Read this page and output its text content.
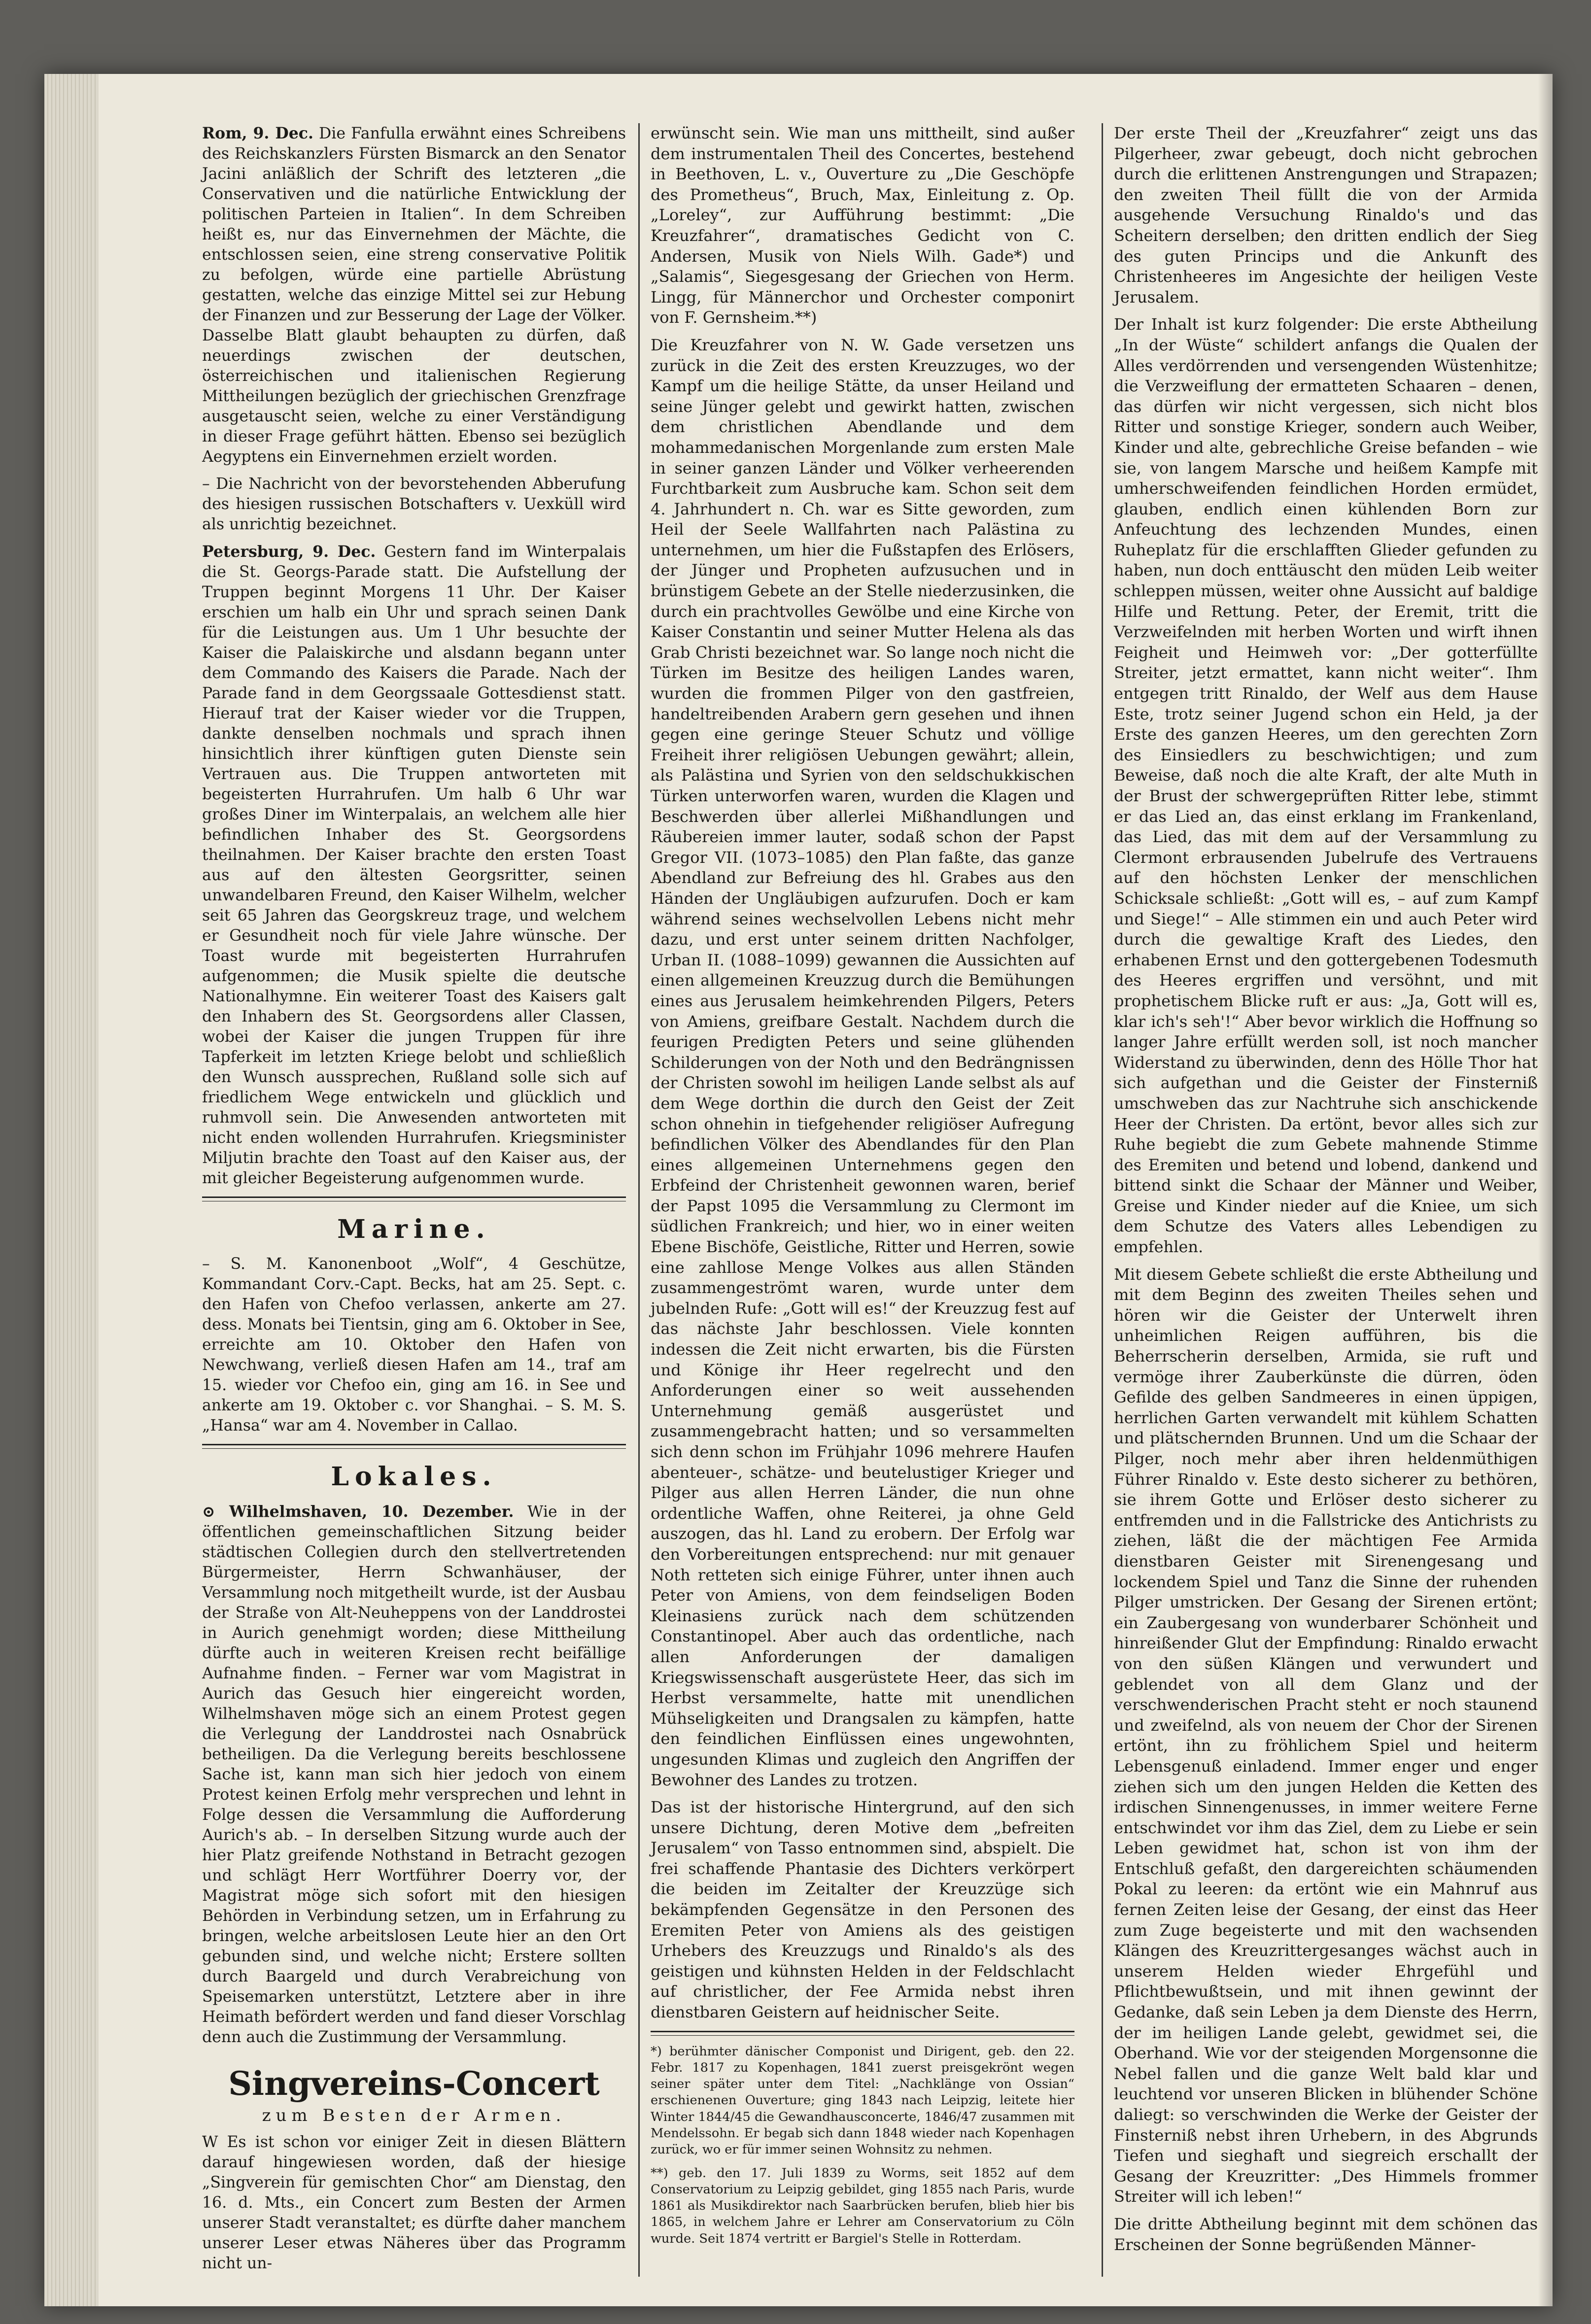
Rom, 9. Dec. Die Fanfulla erwähnt eines Schreibens des Reichskanzlers Fürsten Bismarck an den Senator Jacini anläßlich der Schrift des letzteren „die Conservativen und die natürliche Entwicklung der politischen Parteien in Italien“. In dem Schreiben heißt es, nur das Einvernehmen der Mächte, die entschlossen seien, eine streng conservative Politik zu befolgen, würde eine partielle Abrüstung gestatten, welche das einzige Mittel sei zur Hebung der Finanzen und zur Besserung der Lage der Völker. Dasselbe Blatt glaubt behaupten zu dürfen, daß neuerdings zwischen der deutschen, österreichischen und italienischen Regierung Mittheilungen bezüglich der griechischen Grenzfrage ausgetauscht seien, welche zu einer Verständigung in dieser Frage geführt hätten. Ebenso sei bezüglich Aegyptens ein Einvernehmen erzielt worden.

– Die Nachricht von der bevorstehenden Abberufung des hiesigen russischen Botschafters v. Uexküll wird als unrichtig bezeichnet.

Petersburg, 9. Dec. Gestern fand im Winterpalais die St. Georgs-Parade statt. Die Aufstellung der Truppen beginnt Morgens 11 Uhr. Der Kaiser erschien um halb ein Uhr und sprach seinen Dank für die Leistungen aus. Um 1 Uhr besuchte der Kaiser die Palaiskirche und alsdann begann unter dem Commando des Kaisers die Parade. Nach der Parade fand in dem Georgssaale Gottesdienst statt. Hierauf trat der Kaiser wieder vor die Truppen, dankte denselben nochmals und sprach ihnen hinsichtlich ihrer künftigen guten Dienste sein Vertrauen aus. Die Truppen antworteten mit begeisterten Hurrahrufen. Um halb 6 Uhr war großes Diner im Winterpalais, an welchem alle hier befindlichen Inhaber des St. Georgsordens theilnahmen. Der Kaiser brachte den ersten Toast aus auf den ältesten Georgsritter, seinen unwandelbaren Freund, den Kaiser Wilhelm, welcher seit 65 Jahren das Georgskreuz trage, und welchem er Gesundheit noch für viele Jahre wünsche. Der Toast wurde mit begeisterten Hurrahrufen aufgenommen; die Musik spielte die deutsche Nationalhymne. Ein weiterer Toast des Kaisers galt den Inhabern des St. Georgsordens aller Classen, wobei der Kaiser die jungen Truppen für ihre Tapferkeit im letzten Kriege belobt und schließlich den Wunsch aussprechen, Rußland solle sich auf friedlichem Wege entwickeln und glücklich und ruhmvoll sein. Die Anwesenden antworteten mit nicht enden wollenden Hurrahrufen. Kriegsminister Miljutin brachte den Toast auf den Kaiser aus, der mit gleicher Begeisterung aufgenommen wurde.

Marine.

– S. M. Kanonenboot „Wolf“, 4 Geschütze, Kommandant Corv.-Capt. Becks, hat am 25. Sept. c. den Hafen von Chefoo verlassen, ankerte am 27. dess. Monats bei Tientsin, ging am 6. Oktober in See, erreichte am 10. Oktober den Hafen von Newchwang, verließ diesen Hafen am 14., traf am 15. wieder vor Chefoo ein, ging am 16. in See und ankerte am 19. Oktober c. vor Shanghai. – S. M. S. „Hansa“ war am 4. November in Callao.

Lokales.

⊙ Wilhelmshaven, 10. Dezember. Wie in der öffentlichen gemeinschaftlichen Sitzung beider städtischen Collegien durch den stellvertretenden Bürgermeister, Herrn Schwanhäuser, der Versammlung noch mitgetheilt wurde, ist der Ausbau der Straße von Alt-Neuheppens von der Landdrostei in Aurich genehmigt worden; diese Mittheilung dürfte auch in weiteren Kreisen recht beifällige Aufnahme finden. – Ferner war vom Magistrat in Aurich das Gesuch hier eingereicht worden, Wilhelmshaven möge sich an einem Protest gegen die Verlegung der Landdrostei nach Osnabrück betheiligen. Da die Verlegung bereits beschlossene Sache ist, kann man sich hier jedoch von einem Protest keinen Erfolg mehr versprechen und lehnt in Folge dessen die Versammlung die Aufforderung Aurich's ab. – In derselben Sitzung wurde auch der hier Platz greifende Nothstand in Betracht gezogen und schlägt Herr Wortführer Doerry vor, der Magistrat möge sich sofort mit den hiesigen Behörden in Verbindung setzen, um in Erfahrung zu bringen, welche arbeitslosen Leute hier an den Ort gebunden sind, und welche nicht; Erstere sollten durch Baargeld und durch Verabreichung von Speisemarken unterstützt, Letztere aber in ihre Heimath befördert werden und fand dieser Vorschlag denn auch die Zustimmung der Versammlung.

Singvereins-Concert
zum Besten der Armen.

W Es ist schon vor einiger Zeit in diesen Blättern darauf hingewiesen worden, daß der hiesige „Singverein für gemischten Chor“ am Dienstag, den 16. d. Mts., ein Concert zum Besten der Armen unserer Stadt veranstaltet; es dürfte daher manchem unserer Leser etwas Näheres über das Programm nicht un-

erwünscht sein. Wie man uns mittheilt, sind außer dem instrumentalen Theil des Concertes, bestehend in Beethoven, L. v., Ouverture zu „Die Geschöpfe des Prometheus“, Bruch, Max, Einleitung z. Op. „Loreley“, zur Aufführung bestimmt: „Die Kreuzfahrer“, dramatisches Gedicht von C. Andersen, Musik von Niels Wilh. Gade*) und „Salamis“, Siegesgesang der Griechen von Herm. Lingg, für Männerchor und Orchester componirt von F. Gernsheim.**)

Die Kreuzfahrer von N. W. Gade versetzen uns zurück in die Zeit des ersten Kreuzzuges, wo der Kampf um die heilige Stätte, da unser Heiland und seine Jünger gelebt und gewirkt hatten, zwischen dem christlichen Abendlande und dem mohammedanischen Morgenlande zum ersten Male in seiner ganzen Länder und Völker verheerenden Furchtbarkeit zum Ausbruche kam. Schon seit dem 4. Jahrhundert n. Ch. war es Sitte geworden, zum Heil der Seele Wallfahrten nach Palästina zu unternehmen, um hier die Fußstapfen des Erlösers, der Jünger und Propheten aufzusuchen und in brünstigem Gebete an der Stelle niederzusinken, die durch ein prachtvolles Gewölbe und eine Kirche von Kaiser Constantin und seiner Mutter Helena als das Grab Christi bezeichnet war. So lange noch nicht die Türken im Besitze des heiligen Landes waren, wurden die frommen Pilger von den gastfreien, handeltreibenden Arabern gern gesehen und ihnen gegen eine geringe Steuer Schutz und völlige Freiheit ihrer religiösen Uebungen gewährt; allein, als Palästina und Syrien von den seldschukkischen Türken unterworfen waren, wurden die Klagen und Beschwerden über allerlei Mißhandlungen und Räubereien immer lauter, sodaß schon der Papst Gregor VII. (1073–1085) den Plan faßte, das ganze Abendland zur Befreiung des hl. Grabes aus den Händen der Ungläubigen aufzurufen. Doch er kam während seines wechselvollen Lebens nicht mehr dazu, und erst unter seinem dritten Nachfolger, Urban II. (1088–1099) gewannen die Aussichten auf einen allgemeinen Kreuzzug durch die Bemühungen eines aus Jerusalem heimkehrenden Pilgers, Peters von Amiens, greifbare Gestalt. Nachdem durch die feurigen Predigten Peters und seine glühenden Schilderungen von der Noth und den Bedrängnissen der Christen sowohl im heiligen Lande selbst als auf dem Wege dorthin die durch den Geist der Zeit schon ohnehin in tiefgehender religiöser Aufregung befindlichen Völker des Abendlandes für den Plan eines allgemeinen Unternehmens gegen den Erbfeind der Christenheit gewonnen waren, berief der Papst 1095 die Versammlung zu Clermont im südlichen Frankreich; und hier, wo in einer weiten Ebene Bischöfe, Geistliche, Ritter und Herren, sowie eine zahllose Menge Volkes aus allen Ständen zusammengeströmt waren, wurde unter dem jubelnden Rufe: „Gott will es!“ der Kreuzzug fest auf das nächste Jahr beschlossen. Viele konnten indessen die Zeit nicht erwarten, bis die Fürsten und Könige ihr Heer regelrecht und den Anforderungen einer so weit aussehenden Unternehmung gemäß ausgerüstet und zusammengebracht hatten; und so versammelten sich denn schon im Frühjahr 1096 mehrere Haufen abenteuer-, schätze- und beutelustiger Krieger und Pilger aus allen Herren Länder, die nun ohne ordentliche Waffen, ohne Reiterei, ja ohne Geld auszogen, das hl. Land zu erobern. Der Erfolg war den Vorbereitungen entsprechend: nur mit genauer Noth retteten sich einige Führer, unter ihnen auch Peter von Amiens, von dem feindseligen Boden Kleinasiens zurück nach dem schützenden Constantinopel. Aber auch das ordentliche, nach allen Anforderungen der damaligen Kriegswissenschaft ausgerüstete Heer, das sich im Herbst versammelte, hatte mit unendlichen Mühseligkeiten und Drangsalen zu kämpfen, hatte den feindlichen Einflüssen eines ungewohnten, ungesunden Klimas und zugleich den Angriffen der Bewohner des Landes zu trotzen.

Das ist der historische Hintergrund, auf den sich unsere Dichtung, deren Motive dem „befreiten Jerusalem“ von Tasso entnommen sind, abspielt. Die frei schaffende Phantasie des Dichters verkörpert die beiden im Zeitalter der Kreuzzüge sich bekämpfenden Gegensätze in den Personen des Eremiten Peter von Amiens als des geistigen Urhebers des Kreuzzugs und Rinaldo's als des geistigen und kühnsten Helden in der Feldschlacht auf christlicher, der Fee Armida nebst ihren dienstbaren Geistern auf heidnischer Seite.

*) berühmter dänischer Componist und Dirigent, geb. den 22. Febr. 1817 zu Kopenhagen, 1841 zuerst preisgekrönt wegen seiner später unter dem Titel: „Nachklänge von Ossian“ erschienenen Ouverture; ging 1843 nach Leipzig, leitete hier Winter 1844/45 die Gewandhausconcerte, 1846/47 zusammen mit Mendelssohn. Er begab sich dann 1848 wieder nach Kopenhagen zurück, wo er für immer seinen Wohnsitz zu nehmen.

**) geb. den 17. Juli 1839 zu Worms, seit 1852 auf dem Conservatorium zu Leipzig gebildet, ging 1855 nach Paris, wurde 1861 als Musikdirektor nach Saarbrücken berufen, blieb hier bis 1865, in welchem Jahre er Lehrer am Conservatorium zu Cöln wurde. Seit 1874 vertritt er Bargiel's Stelle in Rotterdam.

Der erste Theil der „Kreuzfahrer“ zeigt uns das Pilgerheer, zwar gebeugt, doch nicht gebrochen durch die erlittenen Anstrengungen und Strapazen; den zweiten Theil füllt die von der Armida ausgehende Versuchung Rinaldo's und das Scheitern derselben; den dritten endlich der Sieg des guten Princips und die Ankunft des Christenheeres im Angesichte der heiligen Veste Jerusalem.

Der Inhalt ist kurz folgender: Die erste Abtheilung „In der Wüste“ schildert anfangs die Qualen der Alles verdörrenden und versengenden Wüstenhitze; die Verzweiflung der ermatteten Schaaren – denen, das dürfen wir nicht vergessen, sich nicht blos Ritter und sonstige Krieger, sondern auch Weiber, Kinder und alte, gebrechliche Greise befanden – wie sie, von langem Marsche und heißem Kampfe mit umherschweifenden feindlichen Horden ermüdet, glauben, endlich einen kühlenden Born zur Anfeuchtung des lechzenden Mundes, einen Ruheplatz für die erschlafften Glieder gefunden zu haben, nun doch enttäuscht den müden Leib weiter schleppen müssen, weiter ohne Aussicht auf baldige Hilfe und Rettung. Peter, der Eremit, tritt die Verzweifelnden mit herben Worten und wirft ihnen Feigheit und Heimweh vor: „Der gotterfüllte Streiter, jetzt ermattet, kann nicht weiter“. Ihm entgegen tritt Rinaldo, der Welf aus dem Hause Este, trotz seiner Jugend schon ein Held, ja der Erste des ganzen Heeres, um den gerechten Zorn des Einsiedlers zu beschwichtigen; und zum Beweise, daß noch die alte Kraft, der alte Muth in der Brust der schwergeprüften Ritter lebe, stimmt er das Lied an, das einst erklang im Frankenland, das Lied, das mit dem auf der Versammlung zu Clermont erbrausenden Jubelrufe des Vertrauens auf den höchsten Lenker der menschlichen Schicksale schließt: „Gott will es, – auf zum Kampf und Siege!“ – Alle stimmen ein und auch Peter wird durch die gewaltige Kraft des Liedes, den erhabenen Ernst und den gottergebenen Todesmuth des Heeres ergriffen und versöhnt, und mit prophetischem Blicke ruft er aus: „Ja, Gott will es, klar ich's seh'!“ Aber bevor wirklich die Hoffnung so langer Jahre erfüllt werden soll, ist noch mancher Widerstand zu überwinden, denn des Hölle Thor hat sich aufgethan und die Geister der Finsterniß umschweben das zur Nachtruhe sich anschickende Heer der Christen. Da ertönt, bevor alles sich zur Ruhe begiebt die zum Gebete mahnende Stimme des Eremiten und betend und lobend, dankend und bittend sinkt die Schaar der Männer und Weiber, Greise und Kinder nieder auf die Kniee, um sich dem Schutze des Vaters alles Lebendigen zu empfehlen.

Mit diesem Gebete schließt die erste Abtheilung und mit dem Beginn des zweiten Theiles sehen und hören wir die Geister der Unterwelt ihren unheimlichen Reigen aufführen, bis die Beherrscherin derselben, Armida, sie ruft und vermöge ihrer Zauberkünste die dürren, öden Gefilde des gelben Sandmeeres in einen üppigen, herrlichen Garten verwandelt mit kühlem Schatten und plätschernden Brunnen. Und um die Schaar der Pilger, noch mehr aber ihren heldenmüthigen Führer Rinaldo v. Este desto sicherer zu bethören, sie ihrem Gotte und Erlöser desto sicherer zu entfremden und in die Fallstricke des Antichrists zu ziehen, läßt die der mächtigen Fee Armida dienstbaren Geister mit Sirenengesang und lockendem Spiel und Tanz die Sinne der ruhenden Pilger umstricken. Der Gesang der Sirenen ertönt; ein Zaubergesang von wunderbarer Schönheit und hinreißender Glut der Empfindung: Rinaldo erwacht von den süßen Klängen und verwundert und geblendet von all dem Glanz und der verschwenderischen Pracht steht er noch staunend und zweifelnd, als von neuem der Chor der Sirenen ertönt, ihn zu fröhlichem Spiel und heiterm Lebensgenuß einladend. Immer enger und enger ziehen sich um den jungen Helden die Ketten des irdischen Sinnengenusses, in immer weitere Ferne entschwindet vor ihm das Ziel, dem zu Liebe er sein Leben gewidmet hat, schon ist von ihm der Entschluß gefaßt, den dargereichten schäumenden Pokal zu leeren: da ertönt wie ein Mahnruf aus fernen Zeiten leise der Gesang, der einst das Heer zum Zuge begeisterte und mit den wachsenden Klängen des Kreuzrittergesanges wächst auch in unserem Helden wieder Ehrgefühl und Pflichtbewußtsein, und mit ihnen gewinnt der Gedanke, daß sein Leben ja dem Dienste des Herrn, der im heiligen Lande gelebt, gewidmet sei, die Oberhand. Wie vor der steigenden Morgensonne die Nebel fallen und die ganze Welt bald klar und leuchtend vor unseren Blicken in blühender Schöne daliegt: so verschwinden die Werke der Geister der Finsterniß nebst ihren Urhebern, in des Abgrunds Tiefen und sieghaft und siegreich erschallt der Gesang der Kreuzritter: „Des Himmels frommer Streiter will ich leben!“

Die dritte Abtheilung beginnt mit dem schönen das Erscheinen der Sonne begrüßenden Männer-
